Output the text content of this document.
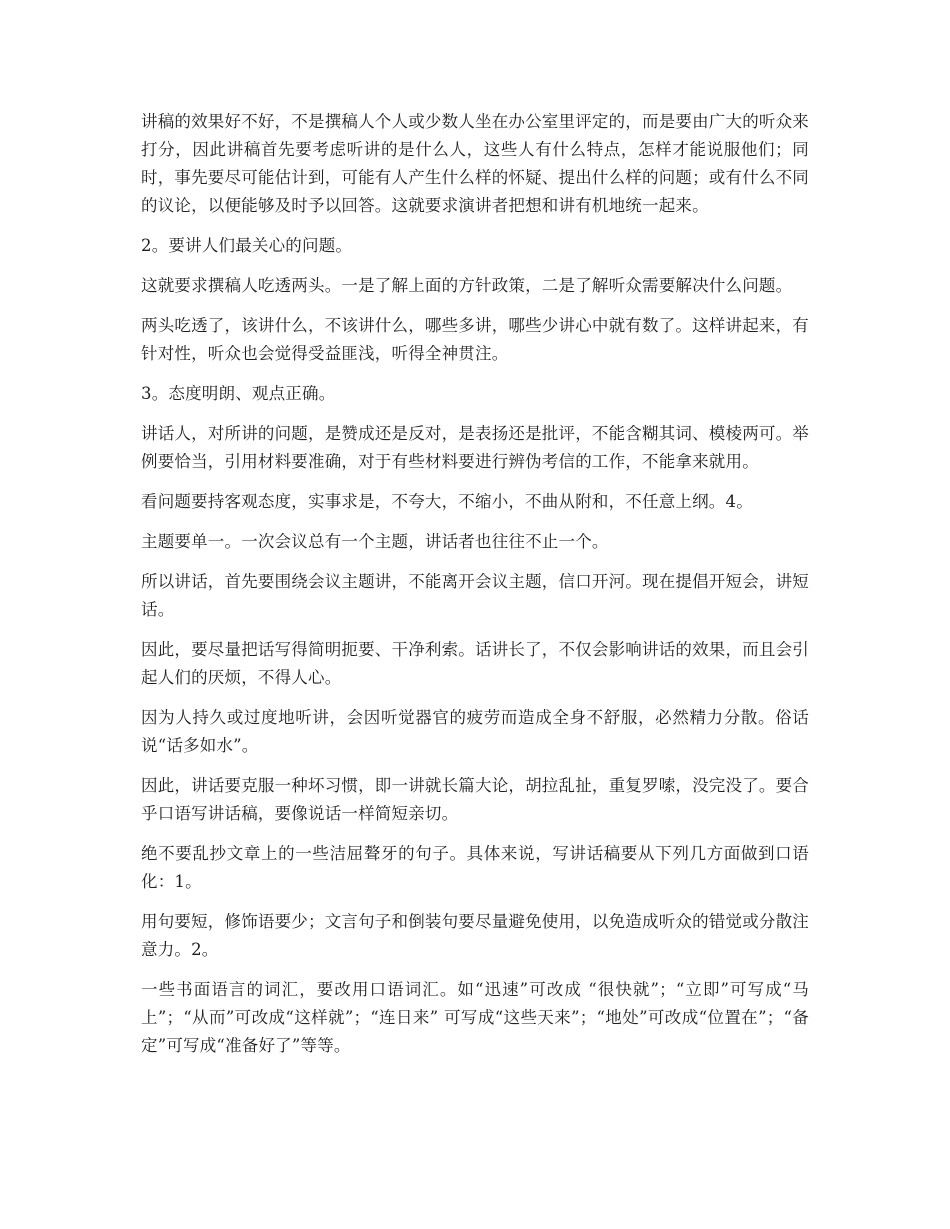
讲稿的效果好不好，不是撰稿人个人或少数人坐在办公室里评定的，而是要由广大的听众来打分，因此讲稿首先要考虑听讲的是什么人，这些人有什么特点，怎样才能说服他们；同时，事先要尽可能估计到，可能有人产生什么样的怀疑、提出什么样的问题；或有什么不同的议论，以便能够及时予以回答。这就要求演讲者把想和讲有机地统一起来。

2。要讲人们最关心的问题。

这就要求撰稿人吃透两头。一是了解上面的方针政策，二是了解听众需要解决什么问题。

两头吃透了，该讲什么，不该讲什么，哪些多讲，哪些少讲心中就有数了。这样讲起来，有针对性，听众也会觉得受益匪浅，听得全神贯注。

3。态度明朗、观点正确。

讲话人，对所讲的问题，是赞成还是反对，是表扬还是批评，不能含糊其词、模棱两可。举例要恰当，引用材料要准确，对于有些材料要进行辨伪考信的工作，不能拿来就用。

看问题要持客观态度，实事求是，不夸大，不缩小，不曲从附和，不任意上纲。4。

主题要单一。一次会议总有一个主题，讲话者也往往不止一个。

所以讲话，首先要围绕会议主题讲，不能离开会议主题，信口开河。现在提倡开短会，讲短话。

因此，要尽量把话写得简明扼要、干净利索。话讲长了，不仅会影响讲话的效果，而且会引起人们的厌烦，不得人心。

因为人持久或过度地听讲，会因听觉器官的疲劳而造成全身不舒服，必然精力分散。俗话说“话多如水”。

因此，讲话要克服一种坏习惯，即一讲就长篇大论，胡拉乱扯，重复罗嗦，没完没了。要合乎口语写讲话稿，要像说话一样简短亲切。

绝不要乱抄文章上的一些洁屈聱牙的句子。具体来说，写讲话稿要从下列几方面做到口语化：1。

用句要短，修饰语要少；文言句子和倒装句要尽量避免使用，以免造成听众的错觉或分散注意力。2。

一些书面语言的词汇，要改用口语词汇。如“迅速”可改成 “很快就”；“立即”可写成“马上”；“从而”可改成“这样就”；“连日来” 可写成“这些天来”；“地处”可改成“位置在”；“备定”可写成“准备好了”等等。
